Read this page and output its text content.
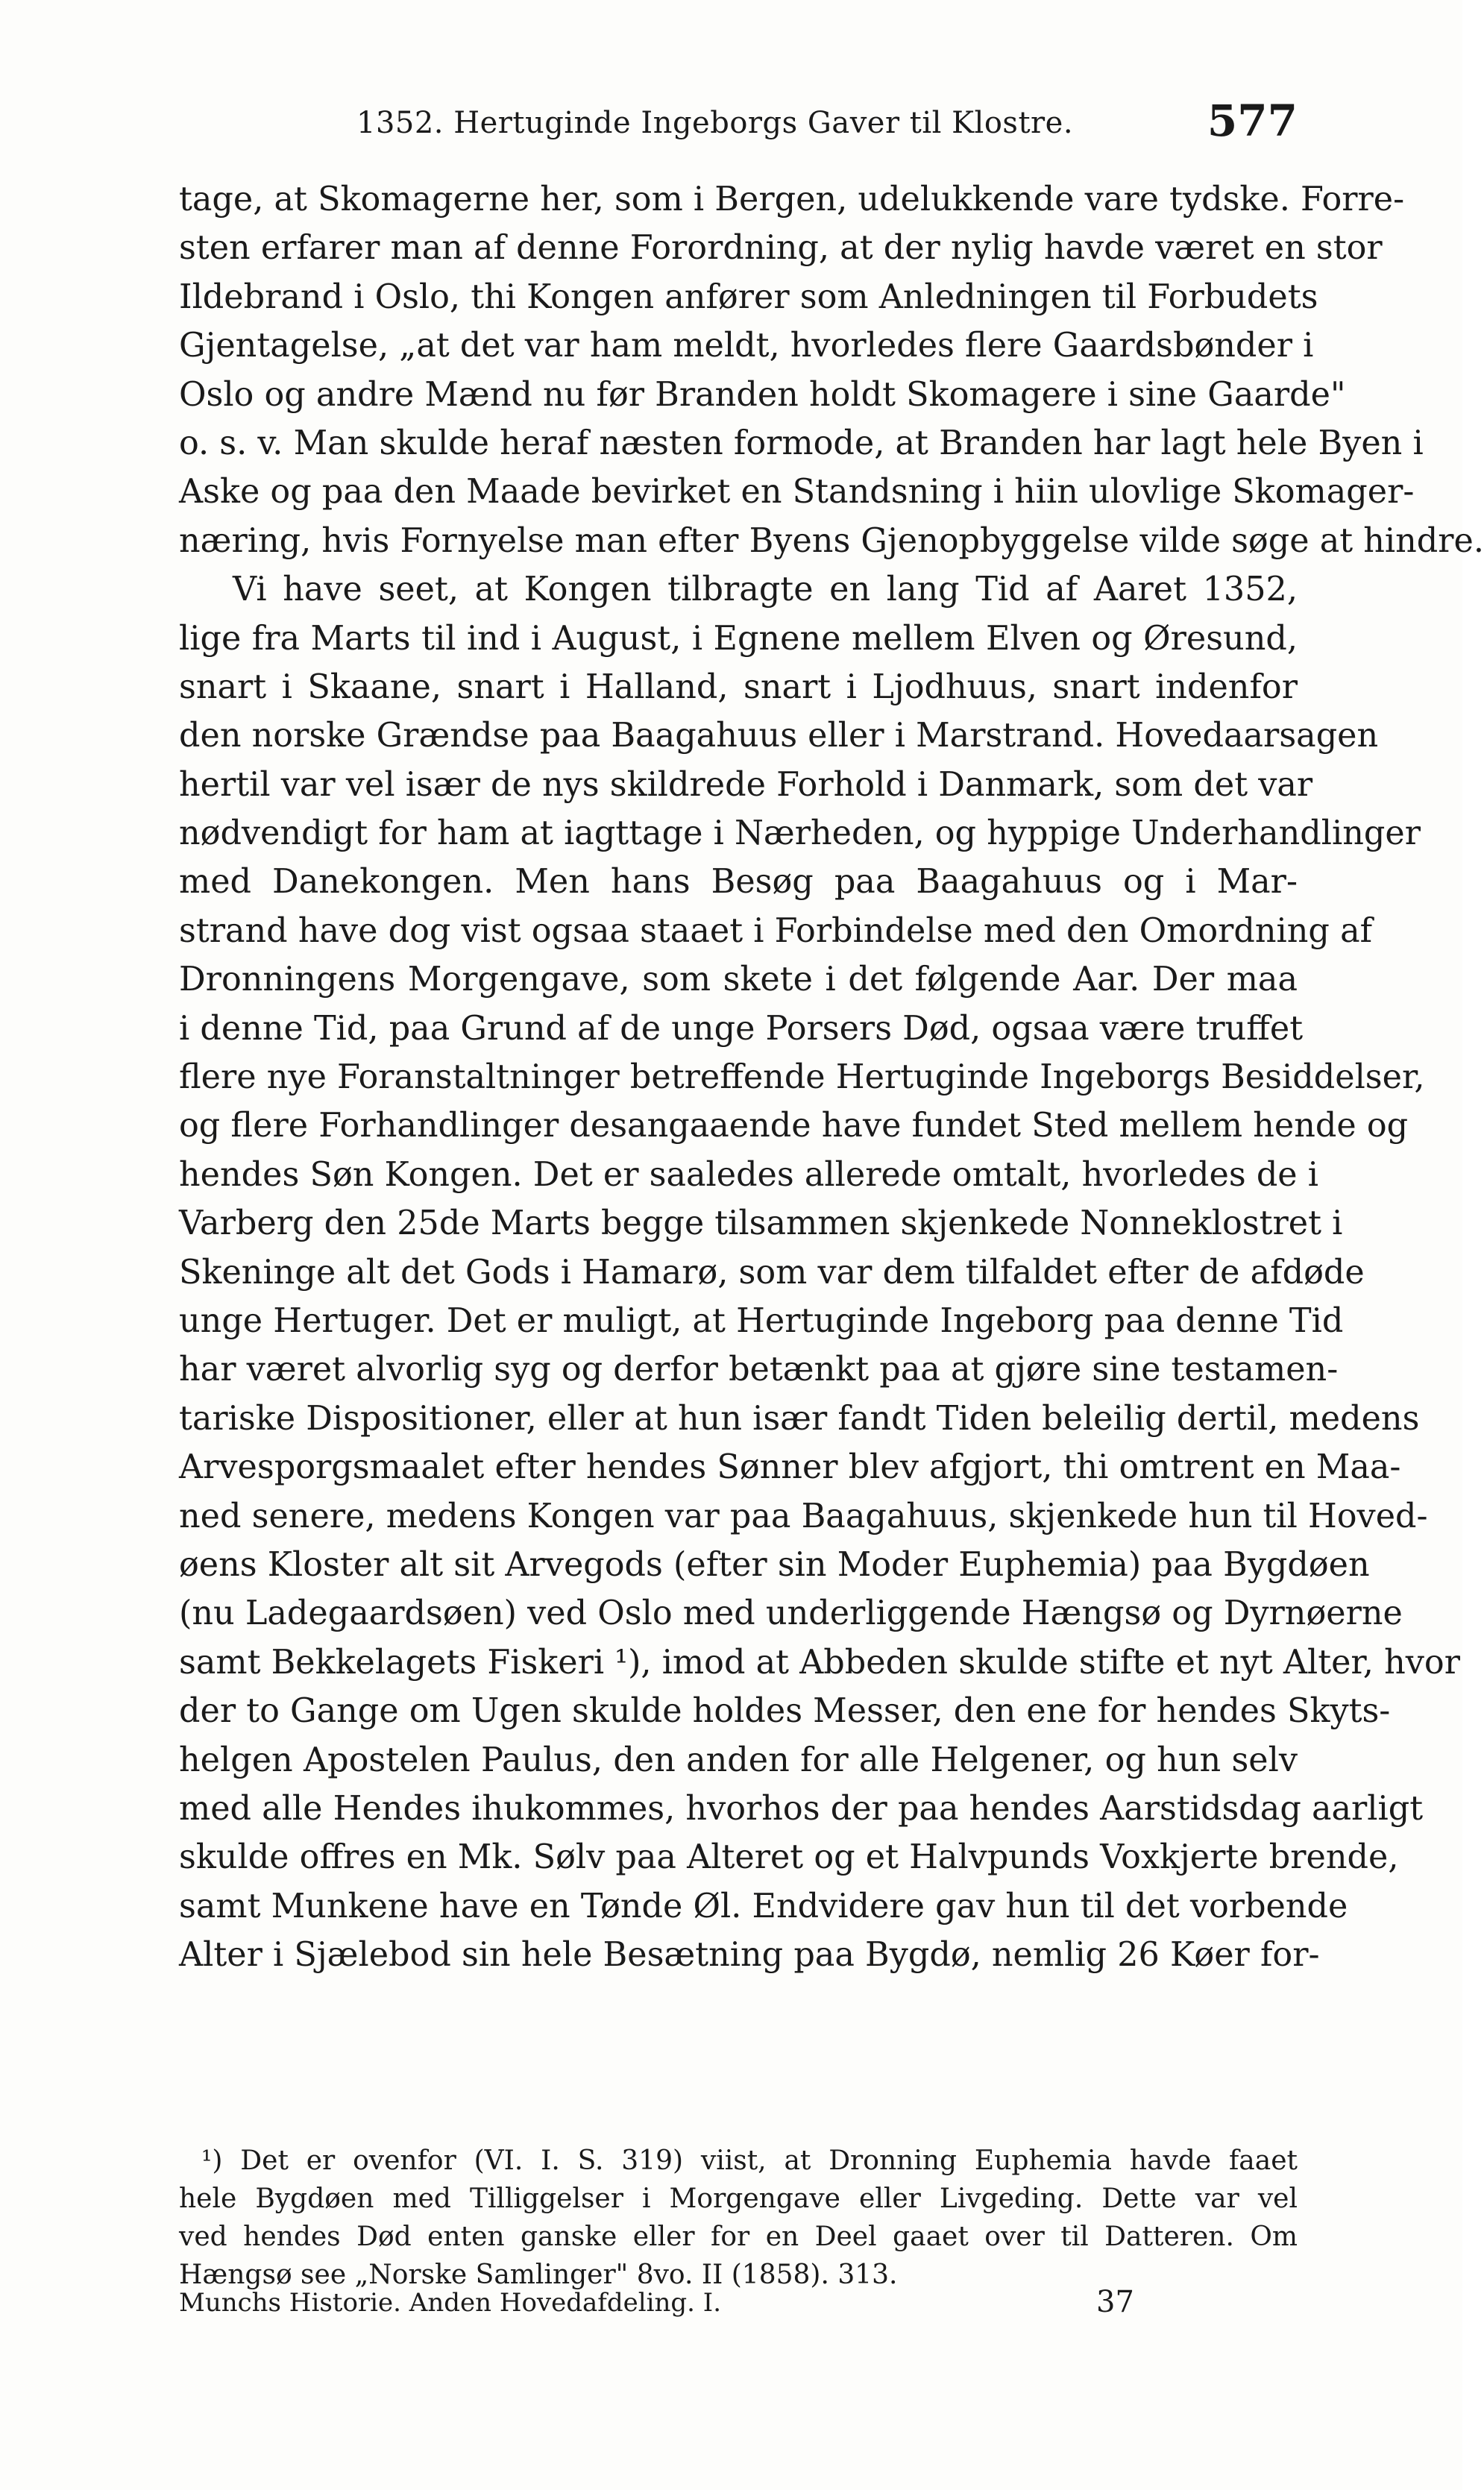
1352. Hertuginde Ingeborgs Gaver til Klostre.	577
tage, at Skomagerne her, som i Bergen, udelukkende vare tydske. Forre-
sten erfarer man af denne Forordning, at der nylig havde været en stor
Ildebrand i Oslo, thi Kongen anfører som Anledningen til Forbudets
Gjentagelse, „at det var ham meldt, hvorledes flere Gaardsbønder i
Oslo og andre Mænd nu før Branden holdt Skomagere i sine Gaarde"
o. s. v. Man skulde heraf næsten formode, at Branden har lagt hele Byen i
Aske og paa den Maade bevirket en Standsning i hiin ulovlige Skomager-
næring, hvis Fornyelse man efter Byens Gjenopbyggelse vilde søge at hindre.
Vi have seet, at Kongen tilbragte en lang Tid af Aaret 1352,
lige fra Marts til ind i August, i Egnene mellem Elven og Øresund,
snart i Skaane, snart i Halland, snart i Ljodhuus, snart indenfor
den norske Grændse paa Baagahuus eller i Marstrand. Hovedaarsagen
hertil var vel især de nys skildrede Forhold i Danmark, som det var
nødvendigt for ham at iagttage i Nærheden, og hyppige Underhandlinger
med Danekongen. Men hans Besøg paa Baagahuus og i Mar-
strand have dog vist ogsaa staaet i Forbindelse med den Omordning af
Dronningens Morgengave, som skete i det følgende Aar. Der maa
i denne Tid, paa Grund af de unge Porsers Død, ogsaa være truffet
flere nye Foranstaltninger betreffende Hertuginde Ingeborgs Besiddelser,
og flere Forhandlinger desangaaende have fundet Sted mellem hende og
hendes Søn Kongen. Det er saaledes allerede omtalt, hvorledes de i
Varberg den 25de Marts begge tilsammen skjenkede Nonneklostret i
Skeninge alt det Gods i Hamarø, som var dem tilfaldet efter de afdøde
unge Hertuger. Det er muligt, at Hertuginde Ingeborg paa denne Tid
har været alvorlig syg og derfor betænkt paa at gjøre sine testamen-
tariske Dispositioner, eller at hun især fandt Tiden beleilig dertil, medens
Arvesporgsmaalet efter hendes Sønner blev afgjort, thi omtrent en Maa-
ned senere, medens Kongen var paa Baagahuus, skjenkede hun til Hoved-
øens Kloster alt sit Arvegods (efter sin Moder Euphemia) paa Bygdøen
(nu Ladegaardsøen) ved Oslo med underliggende Hængsø og Dyrnøerne
samt Bekkelagets Fiskeri ¹), imod at Abbeden skulde stifte et nyt Alter, hvor
der to Gange om Ugen skulde holdes Messer, den ene for hendes Skyts-
helgen Apostelen Paulus, den anden for alle Helgener, og hun selv
med alle Hendes ihukommes, hvorhos der paa hendes Aarstidsdag aarligt
skulde offres en Mk. Sølv paa Alteret og et Halvpunds Voxkjerte brende,
samt Munkene have en Tønde Øl. Endvidere gav hun til det vorbende
Alter i Sjælebod sin hele Besætning paa Bygdø, nemlig 26 Køer for-
¹) Det er ovenfor (VI. I. S. 319) viist, at Dronning Euphemia havde faaet
hele Bygdøen med Tilliggelser i Morgengave eller Livgeding. Dette var vel
ved hendes Død enten ganske eller for en Deel gaaet over til Datteren. Om
Hængsø see „Norske Samlinger" 8vo. II (1858). 313.
Munchs Historie. Anden Hovedafdeling. I.	37
